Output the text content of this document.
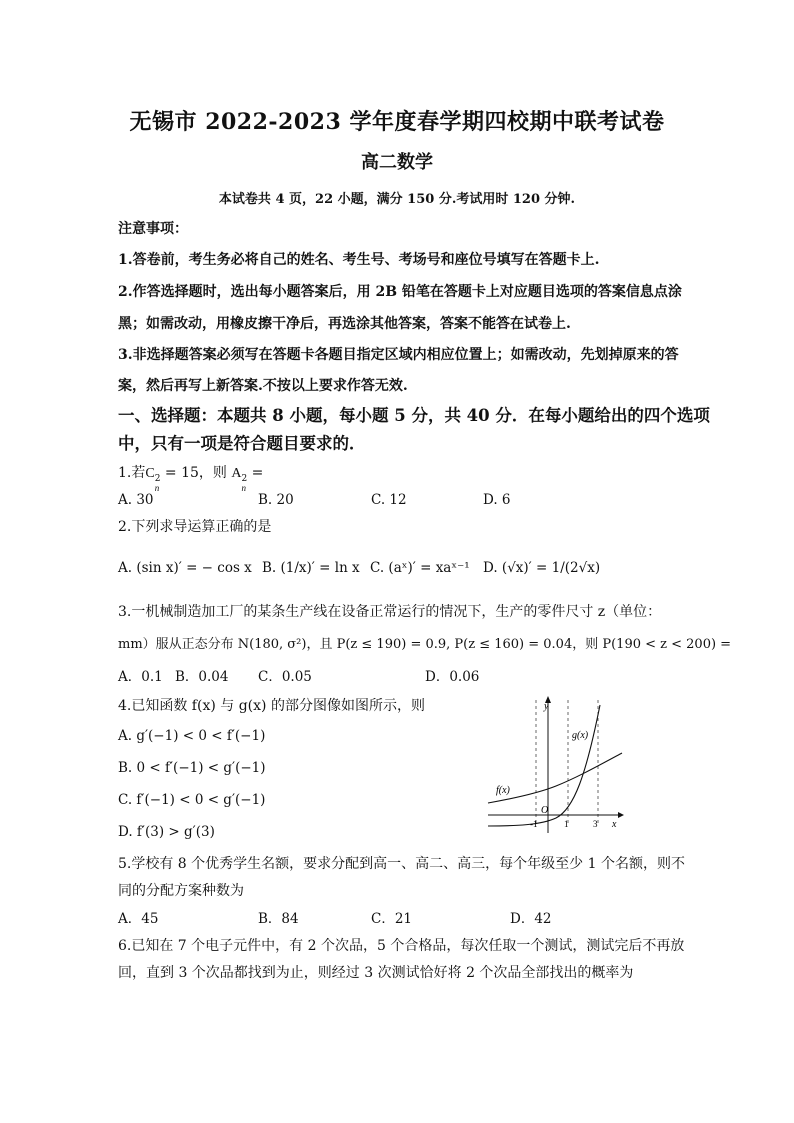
无锡市 2022-2023 学年度春学期四校期中联考试卷
高二数学
本试卷共 4 页，22 小题，满分 150 分.考试用时 120 分钟.
注意事项：
1.答卷前，考生务必将自己的姓名、考生号、考场号和座位号填写在答题卡上.
2.作答选择题时，选出每小题答案后，用 2B 铅笔在答题卡上对应题目选项的答案信息点涂
黑；如需改动，用橡皮擦干净后，再选涂其他答案，答案不能答在试卷上.
3.非选择题答案必须写在答题卡各题目指定区域内相应位置上；如需改动，先划掉原来的答
案，然后再写上新答案.不按以上要求作答无效.
一、选择题：本题共 8 小题，每小题 5 分，共 40 分．在每小题给出的四个选项
中，只有一项是符合题目要求的．
1.若C 2
n
= 15，则 A 2
n
=
A. 30	B. 20	C. 12	D. 6
2.下列求导运算正确的是
A. (sin x)′ = − cos x B. (1/x)′ = ln x C. (aˣ)′ = xaˣ⁻¹ D. (√x)′ = 1/(2√x)
3.一机械制造加工厂的某条生产线在设备正常运行的情况下，生产的零件尺寸 z（单位：
mm）服从正态分布 N(180, σ²)，且 P(z ≤ 190) = 0.9, P(z ≤ 160) = 0.04，则 P(190 < z < 200) =
A．0.1 B．0.04 C．0.05	D．0.06
4.已知函数 f(x) 与 g(x) 的部分图像如图所示，则
A. g′(−1) < 0 < f′(−1)
B. 0 < f′(−1) < g′(−1)
C. f′(−1) < 0 < g′(−1)
D. f′(3) > g′(3)
y
x
O
g(x)
f(x)
-1	1	3
5.学校有 8 个优秀学生名额，要求分配到高一、高二、高三，每个年级至少 1 个名额，则不
同的分配方案种数为
A．45	B．84	C．21	D．42
6.已知在 7 个电子元件中，有 2 个次品，5 个合格品，每次任取一个测试，测试完后不再放
回，直到 3 个次品都找到为止，则经过 3 次测试恰好将 2 个次品全部找出的概率为
